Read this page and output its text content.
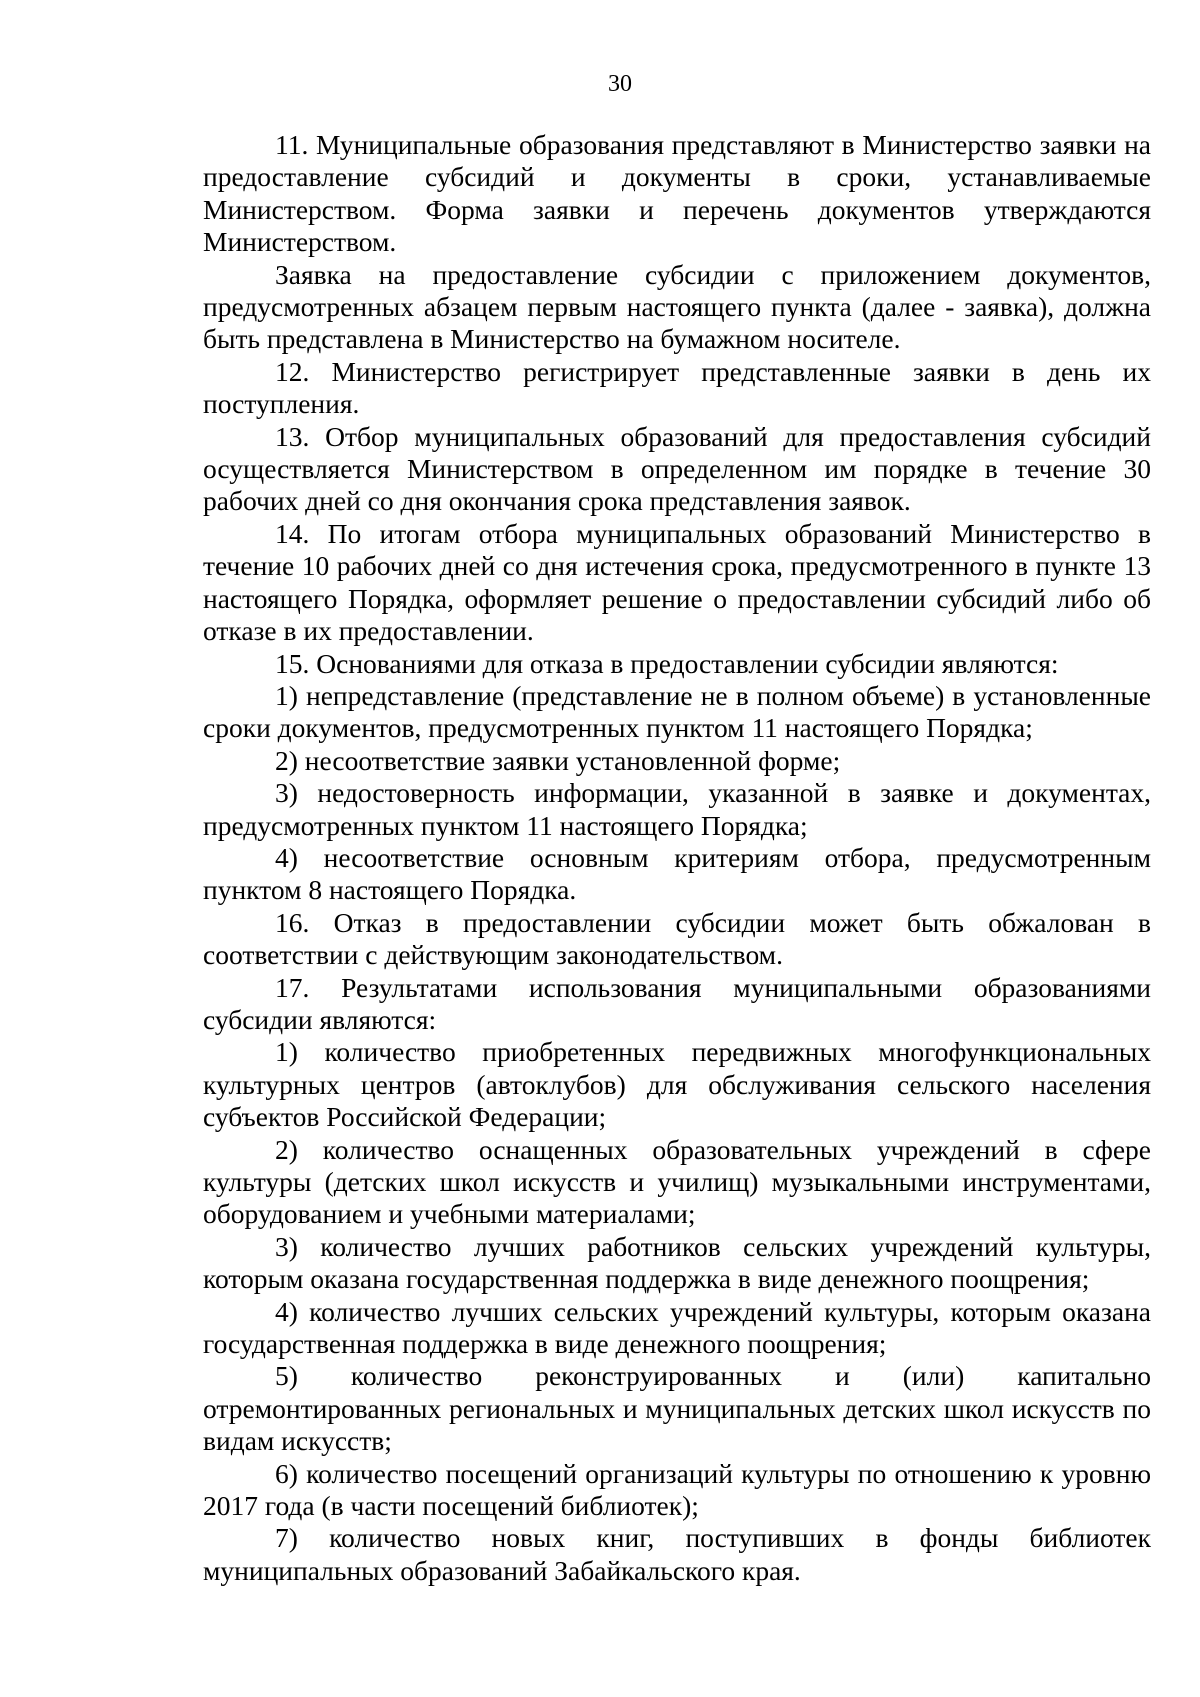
30

11. Муниципальные образования представляют в Министерство заявки на предоставление субсидий и документы в сроки, устанавливаемые Министерством. Форма заявки и перечень документов утверждаются Министерством.

Заявка на предоставление субсидии с приложением документов, предусмотренных абзацем первым настоящего пункта (далее - заявка), должна быть представлена в Министерство на бумажном носителе.

12. Министерство регистрирует представленные заявки в день их поступления.

13. Отбор муниципальных образований для предоставления субсидий осуществляется Министерством в определенном им порядке в течение 30 рабочих дней со дня окончания срока представления заявок.

14. По итогам отбора муниципальных образований Министерство в течение 10 рабочих дней со дня истечения срока, предусмотренного в пункте 13 настоящего Порядка, оформляет решение о предоставлении субсидий либо об отказе в их предоставлении.

15. Основаниями для отказа в предоставлении субсидии являются:

1) непредставление (представление не в полном объеме) в установленные сроки документов, предусмотренных пунктом 11 настоящего Порядка;

2) несоответствие заявки установленной форме;

3) недостоверность информации, указанной в заявке и документах, предусмотренных пунктом 11 настоящего Порядка;

4) несоответствие основным критериям отбора, предусмотренным пунктом 8 настоящего Порядка.

16. Отказ в предоставлении субсидии может быть обжалован в соответствии с действующим законодательством.

17. Результатами использования муниципальными образованиями субсидии являются:

1) количество приобретенных передвижных многофункциональных культурных центров (автоклубов) для обслуживания сельского населения субъектов Российской Федерации;

2) количество оснащенных образовательных учреждений в сфере культуры (детских школ искусств и училищ) музыкальными инструментами, оборудованием и учебными материалами;

3) количество лучших работников сельских учреждений культуры, которым оказана государственная поддержка в виде денежного поощрения;

4) количество лучших сельских учреждений культуры, которым оказана государственная поддержка в виде денежного поощрения;

5) количество реконструированных и (или) капитально отремонтированных региональных и муниципальных детских школ искусств по видам искусств;

6) количество посещений организаций культуры по отношению к уровню 2017 года (в части посещений библиотек);

7) количество новых книг, поступивших в фонды библиотек муниципальных образований Забайкальского края.
